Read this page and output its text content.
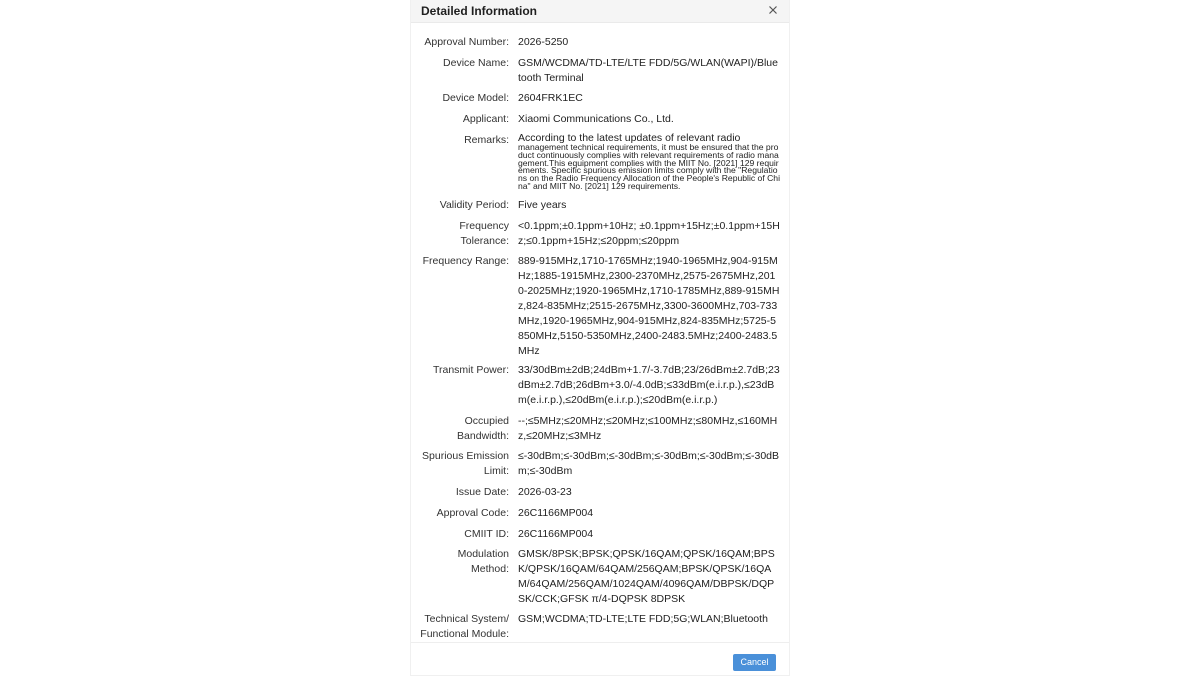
Detailed Information
Approval Number: 2026-5250
Device Name: GSM/WCDMA/TD-LTE/LTE FDD/5G/WLAN(WAPI)/Bluetooth Terminal
Device Model: 2604FRK1EC
Applicant: Xiaomi Communications Co., Ltd.
Remarks: According to the latest updates of relevant radio
management technical requirements, it must be ensured that the product continuously complies with relevant requirements of radio management.This equipment complies with the MIIT No. [2021] 129 requirements. Specific spurious emission limits comply with the "Regulations on the Radio Frequency Allocation of the People's Republic of China" and MIIT No. [2021] 129 requirements.
Validity Period: Five years
Frequency
Tolerance:
<0.1ppm;±0.1ppm+10Hz; ±0.1ppm+15Hz;±0.1ppm+15Hz;≤0.1ppm+15Hz;≤20ppm;≤20ppm
Frequency Range: 889-915MHz,1710-1765MHz;1940-1965MHz,904-915MHz;1885-1915MHz,2300-2370MHz,2575-2675MHz,2010-2025MHz;1920-1965MHz,1710-1785MHz,889-915MHz,824-835MHz;2515-2675MHz,3300-3600MHz,703-733MHz,1920-1965MHz,904-915MHz,824-835MHz;5725-5850MHz,5150-5350MHz,2400-2483.5MHz;2400-2483.5MHz
Transmit Power: 33/30dBm±2dB;24dBm+1.7/-3.7dB;23/26dBm±2.7dB;23dBm±2.7dB;26dBm+3.0/-4.0dB;≤33dBm(e.i.r.p.),≤23dBm(e.i.r.p.),≤20dBm(e.i.r.p.);≤20dBm(e.i.r.p.)
Occupied
Bandwidth:
--;≤5MHz;≤20MHz;≤20MHz;≤100MHz;≤80MHz,≤160MHz,≤20MHz;≤3MHz
Spurious Emission
Limit:
≤-30dBm;≤-30dBm;≤-30dBm;≤-30dBm;≤-30dBm;≤-30dBm;≤-30dBm
Issue Date: 2026-03-23
Approval Code: 26C1166MP004
CMIIT ID: 26C1166MP004
Modulation
Method:
GMSK/8PSK;BPSK;QPSK/16QAM;QPSK/16QAM;BPSK/QPSK/16QAM/64QAM/256QAM;BPSK/QPSK/16QAM/64QAM/256QAM/1024QAM/4096QAM/DBPSK/DQPSK/CCK;GFSK π/4-DQPSK 8DPSK
Technical System/
Functional Module:
GSM;WCDMA;TD-LTE;LTE FDD;5G;WLAN;Bluetooth
Cancel
